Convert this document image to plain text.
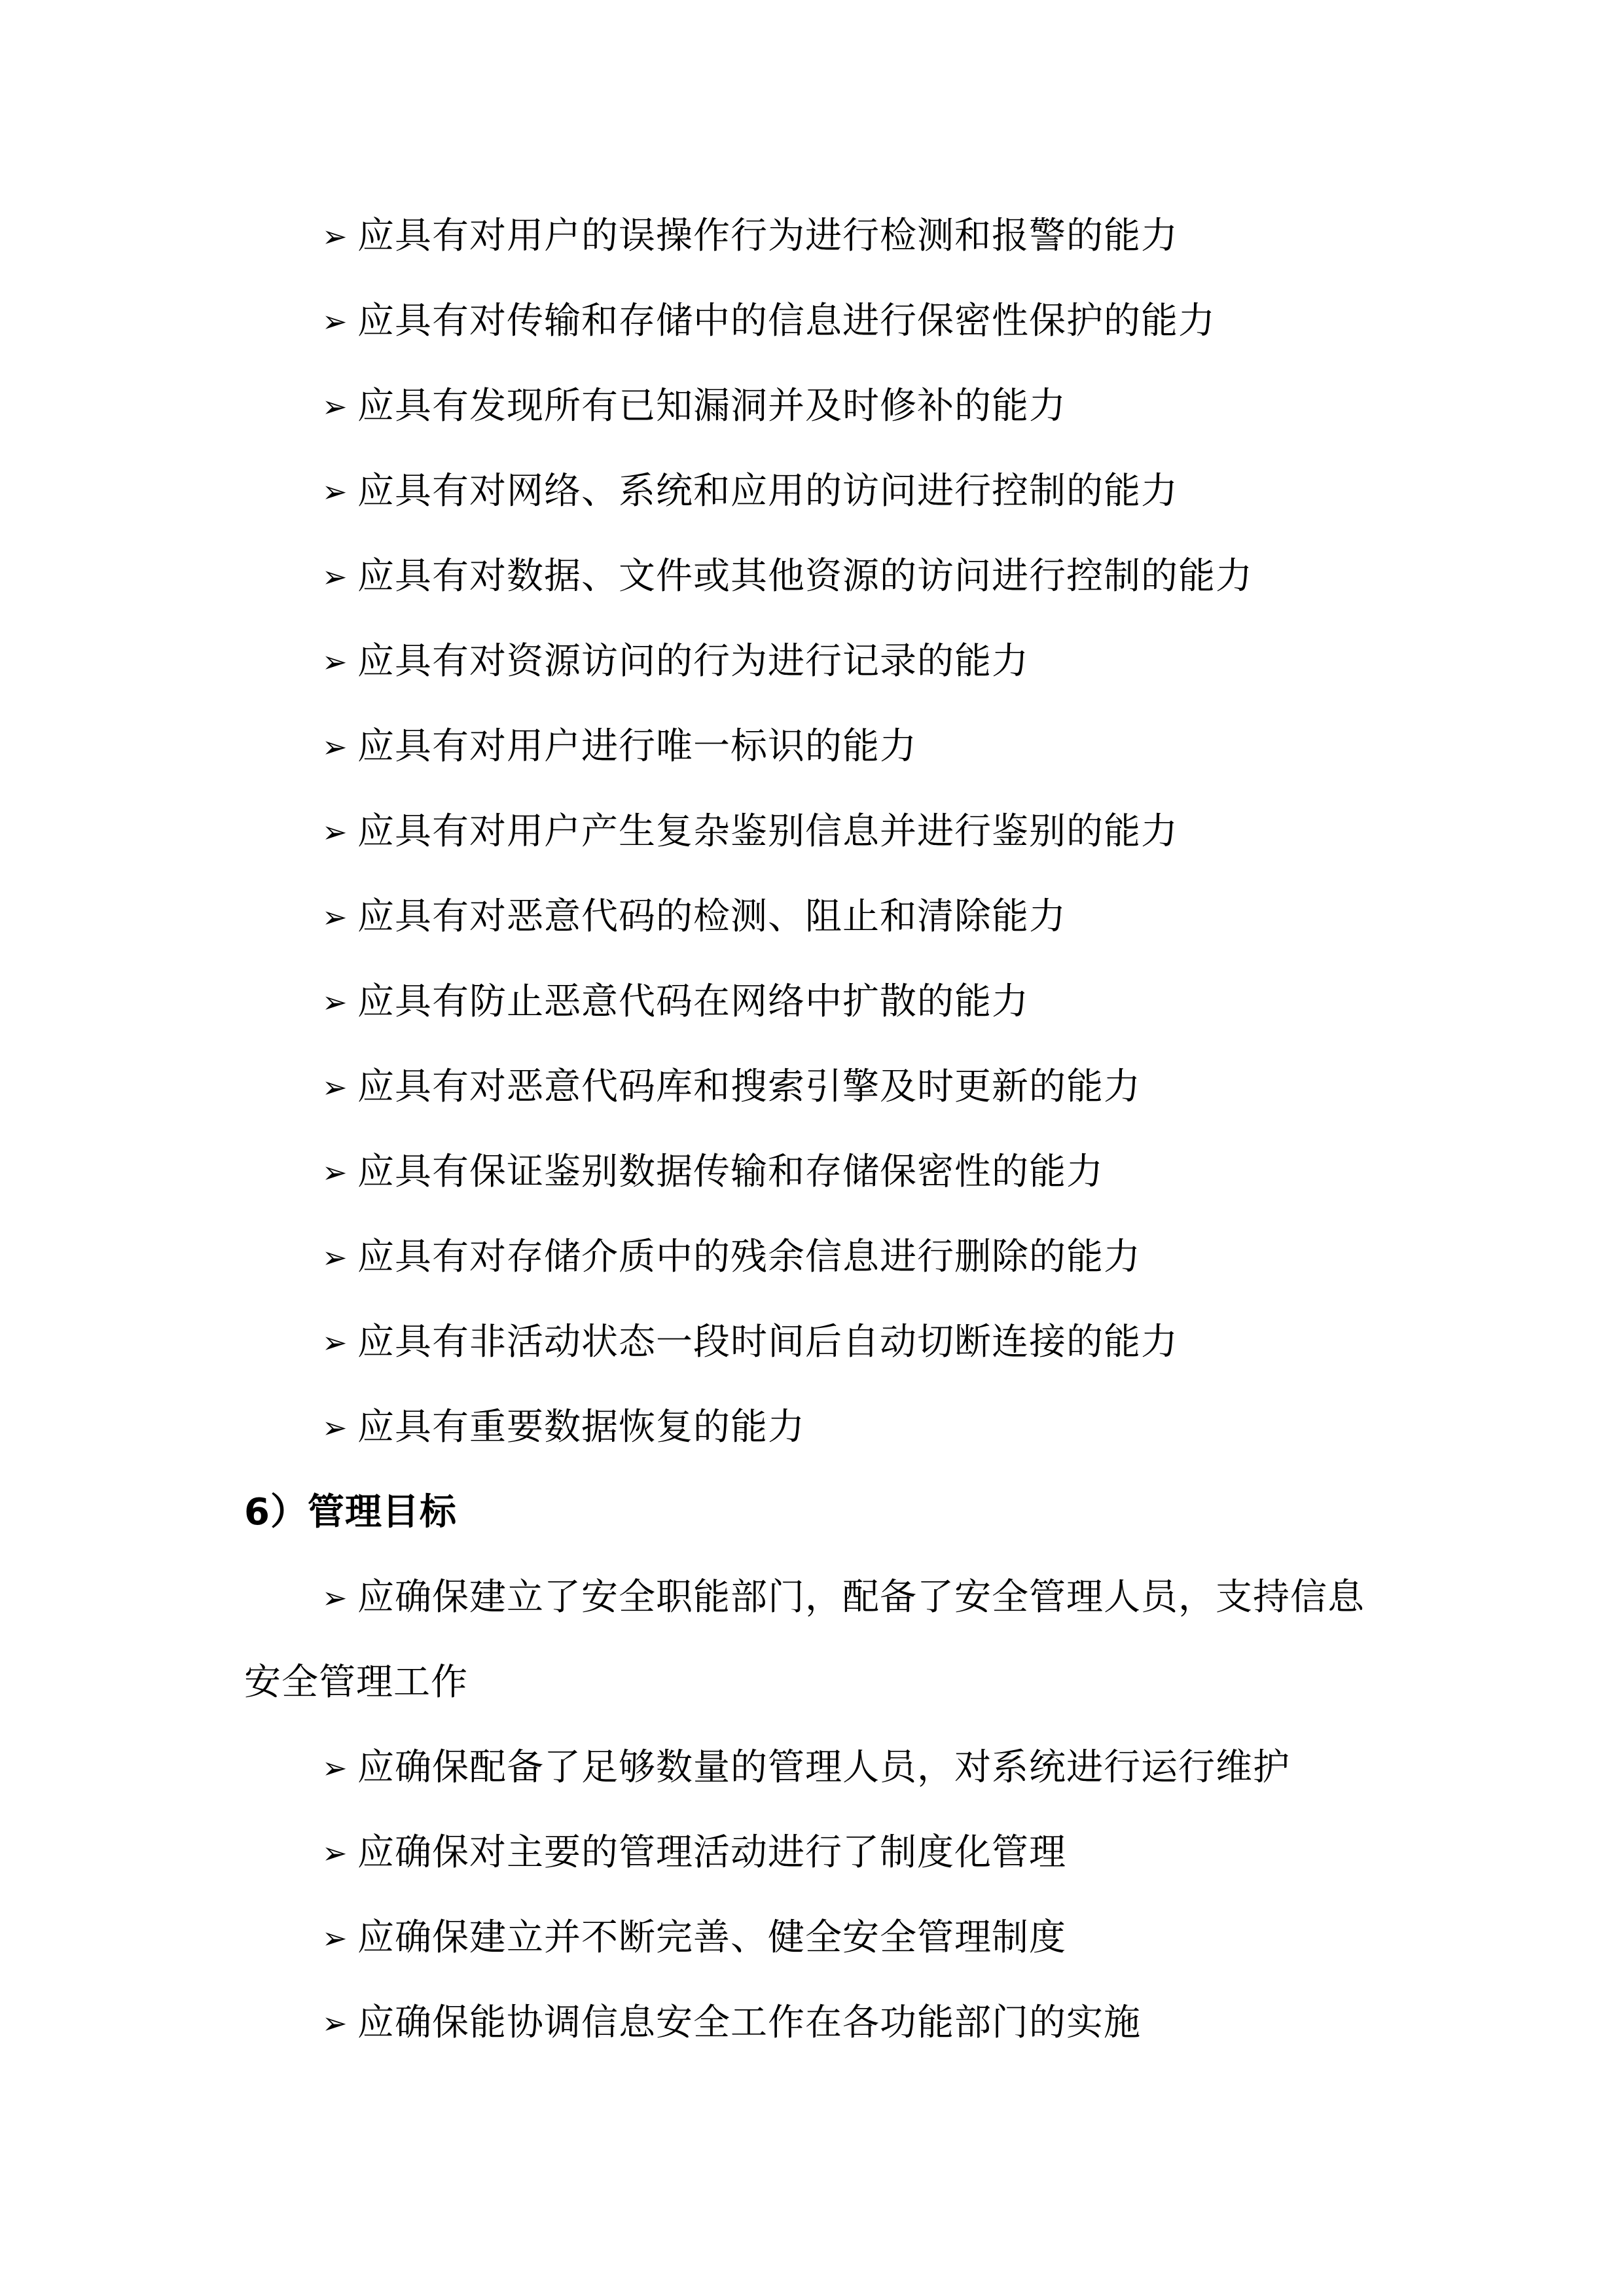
➢ 应具有对用户的误操作行为进行检测和报警的能力
➢ 应具有对传输和存储中的信息进行保密性保护的能力
➢ 应具有发现所有已知漏洞并及时修补的能力
➢ 应具有对网络、系统和应用的访问进行控制的能力
➢ 应具有对数据、文件或其他资源的访问进行控制的能力
➢ 应具有对资源访问的行为进行记录的能力
➢ 应具有对用户进行唯一标识的能力
➢ 应具有对用户产生复杂鉴别信息并进行鉴别的能力
➢ 应具有对恶意代码的检测、阻止和清除能力
➢ 应具有防止恶意代码在网络中扩散的能力
➢ 应具有对恶意代码库和搜索引擎及时更新的能力
➢ 应具有保证鉴别数据传输和存储保密性的能力
➢ 应具有对存储介质中的残余信息进行删除的能力
➢ 应具有非活动状态一段时间后自动切断连接的能力
➢ 应具有重要数据恢复的能力
6）管理目标
➢ 应确保建立了安全职能部门，配备了安全管理人员，支持信息
安全管理工作
➢ 应确保配备了足够数量的管理人员，对系统进行运行维护
➢ 应确保对主要的管理活动进行了制度化管理
➢ 应确保建立并不断完善、健全安全管理制度
➢ 应确保能协调信息安全工作在各功能部门的实施
